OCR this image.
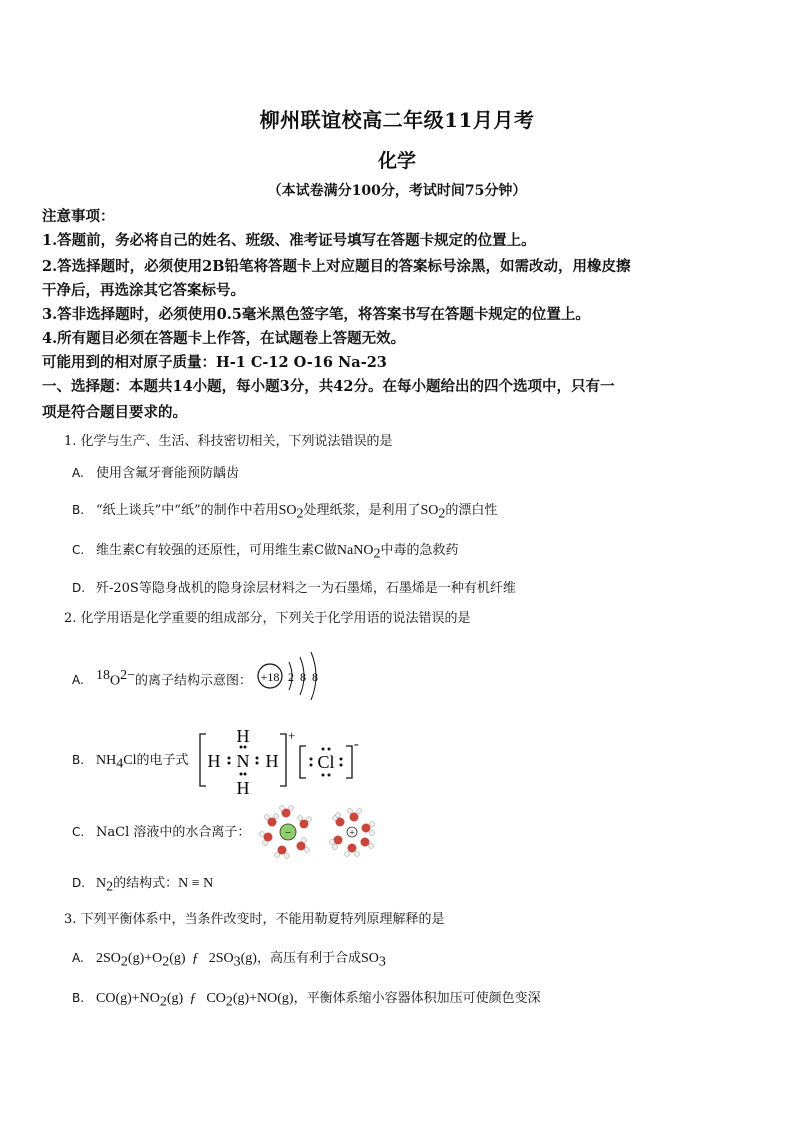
柳州联谊校高二年级11月月考
化学
（本试卷满分100分，考试时间75分钟）
注意事项：
1.答题前，务必将自己的姓名、班级、准考证号填写在答题卡规定的位置上。
2.答选择题时，必须使用2B铅笔将答题卡上对应题目的答案标号涂黑，如需改动，用橡皮擦
干净后，再选涂其它答案标号。
3.答非选择题时，必须使用0.5毫米黑色签字笔，将答案书写在答题卡规定的位置上。
4.所有题目必须在答题卡上作答，在试题卷上答题无效。
可能用到的相对原子质量：H-1 C-12 O-16 Na-23
一、选择题：本题共14小题，每小题3分，共42分。在每小题给出的四个选项中，只有一
项是符合题目要求的。
1. 化学与生产、生活、科技密切相关，下列说法错误的是
A. 使用含氟牙膏能预防龋齿
B. “纸上谈兵”中“纸”的制作中若用$SO_2$处理纸浆，是利用了$SO_2$的漂白性
C. 维生素C有较强的还原性，可用维生素C做NaNO$_2$中毒的急救药
D. 歼-20S等隐身战机的隐身涂层材料之一为石墨烯，石墨烯是一种有机纤维
2. 化学用语是化学重要的组成部分，下列关于化学用语的说法错误的是
A. $^{18}O^{2-}$的离子结构示意图： +18 2 8 8
B. $NH_4Cl$的电子式
H
H N H
H
+
Cl
-
C. NaCl 溶液中的水合离子：	−	+
D. $N_2$的结构式：N ≡ N
3. 下列平衡体系中，当条件改变时，不能用勒夏特列原理解释的是
A. $2SO_2(g)+O_2(g)$ ƒ $2SO_3(g)$，高压有利于合成$SO_3$
B. $CO(g)+NO_2(g)$ ƒ $CO_2(g)+NO(g)$，平衡体系缩小容器体积加压可使颜色变深
